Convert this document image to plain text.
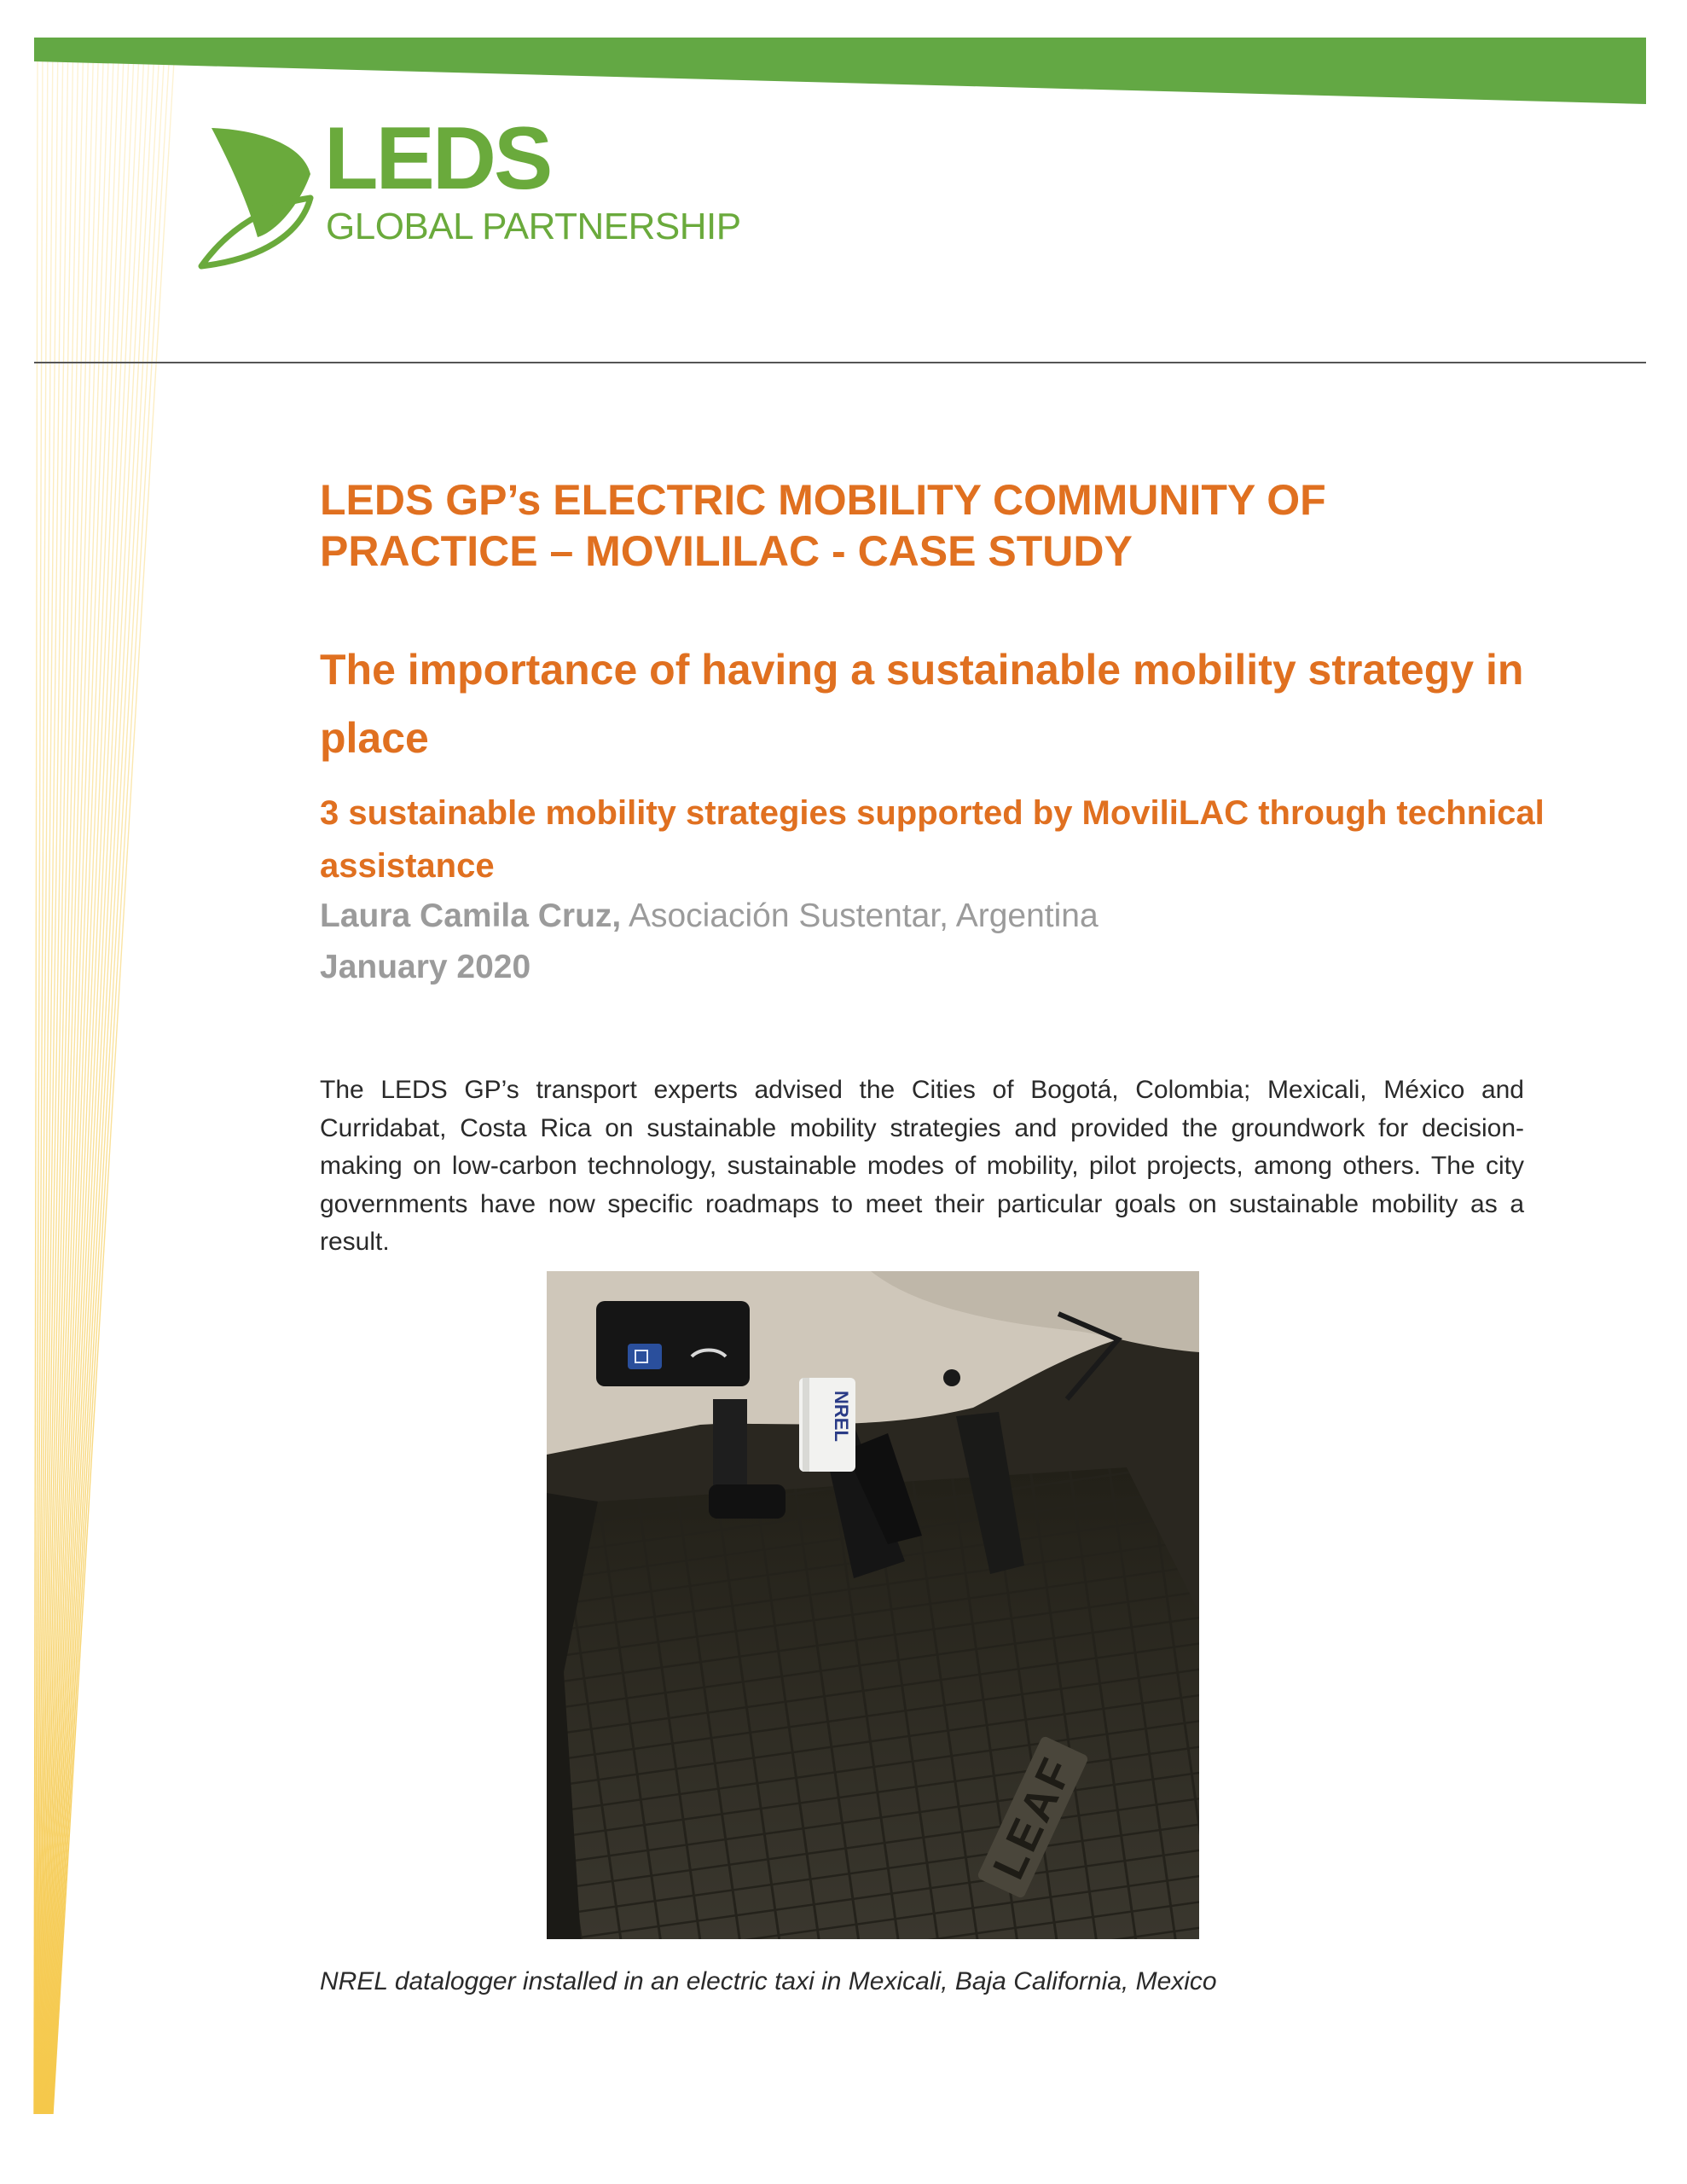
LEDS
GLOBAL PARTNERSHIP
LEDS GP’s ELECTRIC MOBILITY COMMUNITY OF PRACTICE – MOVILILAC - CASE STUDY
The importance of having a sustainable mobility strategy in place
3 sustainable mobility strategies supported by MoviliLAC through technical assistance
Laura Camila Cruz, Asociación Sustentar, Argentina
January 2020

The LEDS GP’s transport experts advised the Cities of Bogotá, Colombia; Mexicali, México and Curridabat, Costa Rica on sustainable mobility strategies and provided the groundwork for decision-making on low-carbon technology, sustainable modes of mobility, pilot projects, among others. The city governments have now specific roadmaps to meet their particular goals on sustainable mobility as a result.

NREL
LEAF
NREL datalogger installed in an electric taxi in Mexicali, Baja California, Mexico
